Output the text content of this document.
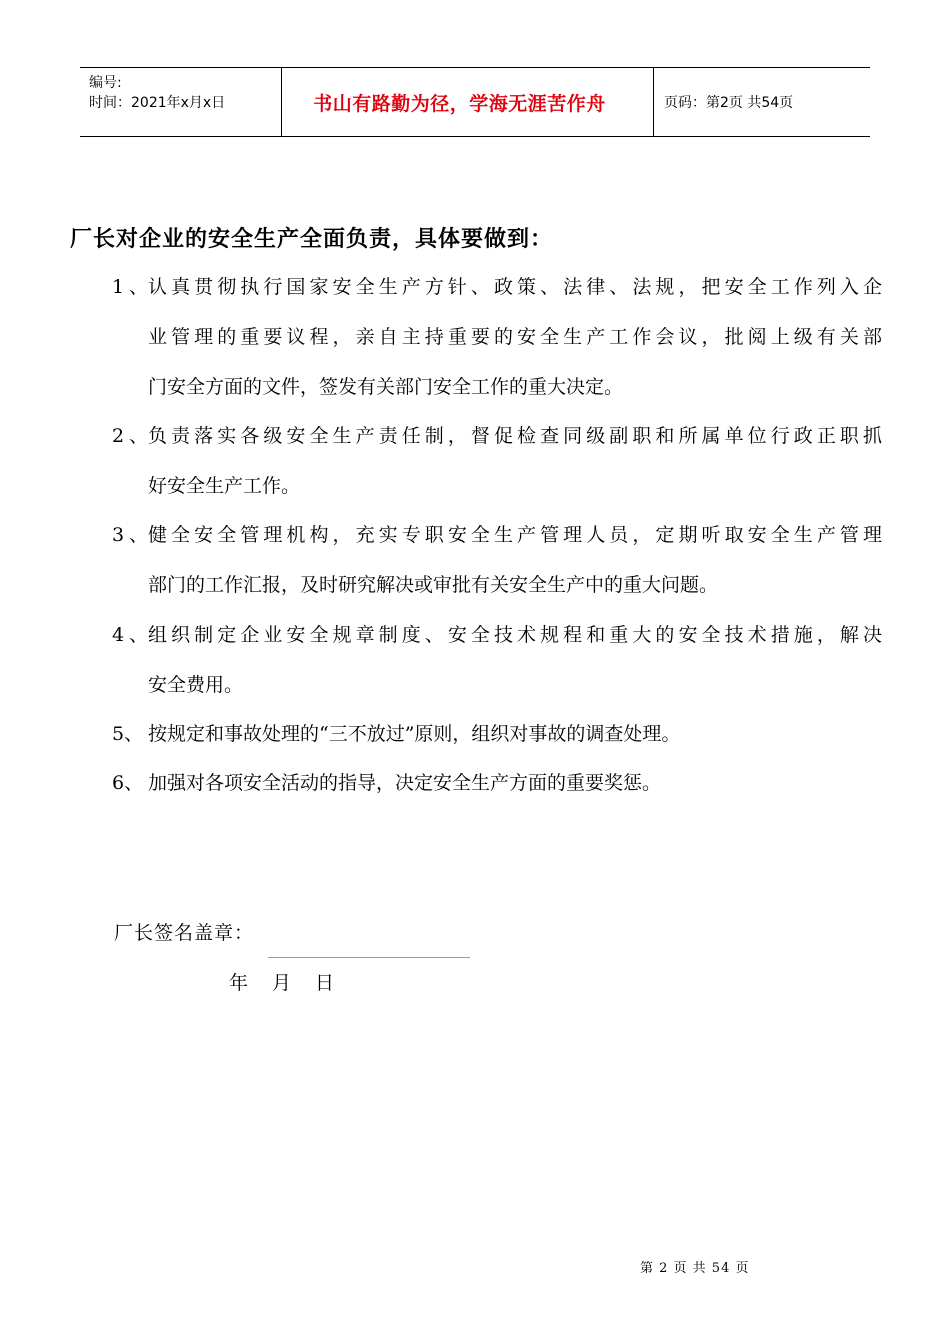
编号:
时间：2021年x月x日	书山有路勤为径，学海无涯苦作舟	页码：第2页 共54页
厂长对企业的安全生产全面负责，具体要做到：
1、 认真贯彻执行国家安全生产方针、政策、法律、法规，把安全工作列入企
业管理的重要议程，亲自主持重要的安全生产工作会议，批阅上级有关部
门安全方面的文件，签发有关部门安全工作的重大决定。
2、 负责落实各级安全生产责任制，督促检查同级副职和所属单位行政正职抓
好安全生产工作。
3、 健全安全管理机构，充实专职安全生产管理人员，定期听取安全生产管理
部门的工作汇报，及时研究解决或审批有关安全生产中的重大问题。
4、 组织制定企业安全规章制度、安全技术规程和重大的安全技术措施，解决
安全费用。
5、 按规定和事故处理的“三不放过”原则，组织对事故的调查处理。
6、 加强对各项安全活动的指导，决定安全生产方面的重要奖惩。
厂长签名盖章：
年 月 日
第 2 页 共 54 页
